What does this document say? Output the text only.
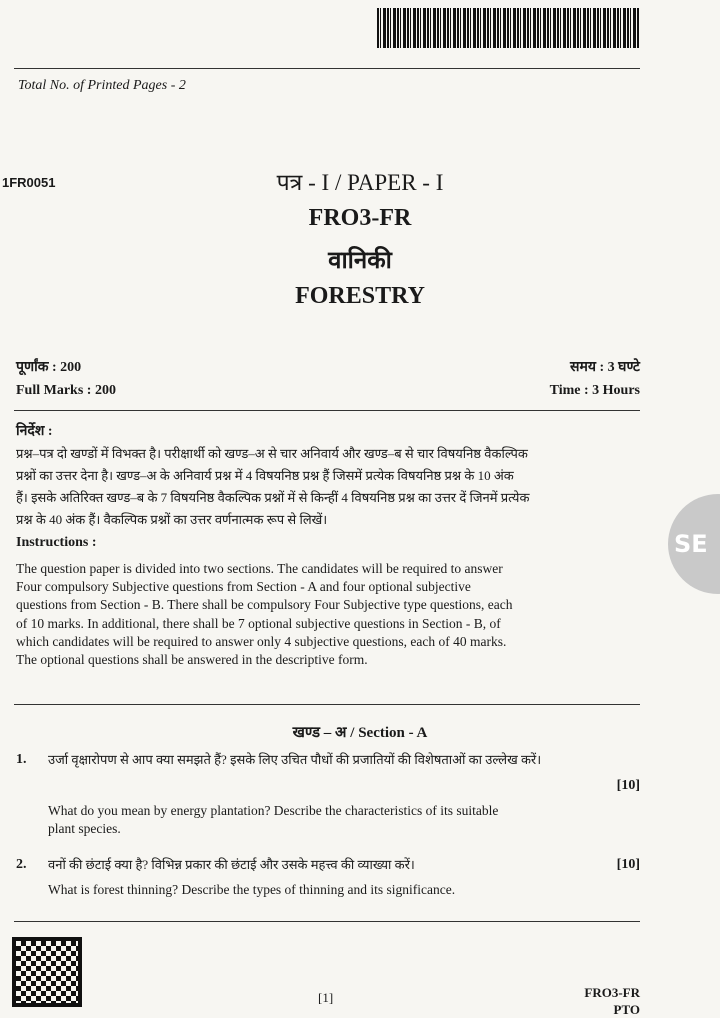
Total No. of Printed Pages - 2
1FR0051	पत्र - I / PAPER - I
FRO3-FR
वानिकी
FORESTRY
पूर्णांक : 200	समय : 3 घण्टे
Full Marks : 200	Time : 3 Hours
निर्देश :
प्रश्न–पत्र दो खण्डों में विभक्त है। परीक्षार्थी को खण्ड–अ से चार अनिवार्य और खण्ड–ब से चार विषयनिष्ठ वैकल्पिक
प्रश्नों का उत्तर देना है। खण्ड–अ के अनिवार्य प्रश्न में 4 विषयनिष्ठ प्रश्न हैं जिसमें प्रत्येक विषयनिष्ठ प्रश्न के 10 अंक
हैं। इसके अतिरिक्त खण्ड–ब के 7 विषयनिष्ठ वैकल्पिक प्रश्नों में से किन्हीं 4 विषयनिष्ठ प्रश्न का उत्तर दें जिनमें प्रत्येक
प्रश्न के 40 अंक हैं। वैकल्पिक प्रश्नों का उत्तर वर्णनात्मक रूप से लिखें।
Instructions :
The question paper is divided into two sections. The candidates will be required to answer
Four compulsory Subjective questions from Section - A and four optional subjective
questions from Section - B. There shall be compulsory Four Subjective type questions, each
of 10 marks. In additional, there shall be 7 optional subjective questions in Section - B, of
which candidates will be required to answer only 4 subjective questions, each of 40 marks.
The optional questions shall be answered in the descriptive form.
खण्ड – अ / Section - A
1. उर्जा वृक्षारोपण से आप क्या समझते हैं? इसके लिए उचित पौधों की प्रजातियों की विशेषताओं का उल्लेख करें।
[10]
What do you mean by energy plantation? Describe the characteristics of its suitable
plant species.
2. वनों की छंटाई क्या है? विभिन्न प्रकार की छंटाई और उसके महत्त्व की व्याख्या करें।	[10]
What is forest thinning? Describe the types of thinning and its significance.
[1]	FRO3-FR
PTO
SE
